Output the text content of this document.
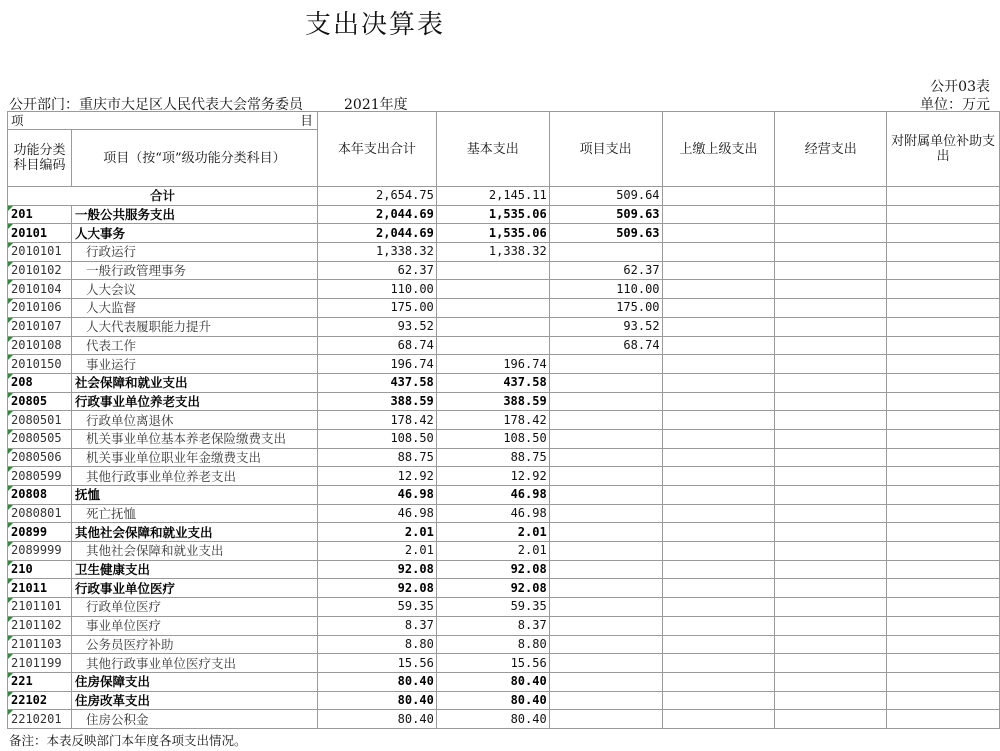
支出决算表
公开03表
公开部门：重庆市大足区人民代表大会常务委员	2021年度	单位：万元
项 目		本年支出合计	基本支出	项目支出	上缴上级支出	经营支出	对附属单位补助支出
功能分类科目编码	项目（按“项”级功能分类科目）						
合计		2,654.75	2,145.11	509.64			

201	一般公共服务支出	2,044.69	1,535.06	509.63			

20101	人大事务	2,044.69	1,535.06	509.63			

2010101	行政运行	1,338.32	1,338.32				

2010102	一般行政管理事务	62.37		62.37			

2010104	人大会议	110.00		110.00			

2010106	人大监督	175.00		175.00			

2010107	人大代表履职能力提升	93.52		93.52			

2010108	代表工作	68.74		68.74			

2010150	事业运行	196.74	196.74				

208	社会保障和就业支出	437.58	437.58				

20805	行政事业单位养老支出	388.59	388.59				

2080501	行政单位离退休	178.42	178.42				

2080505	机关事业单位基本养老保险缴费支出	108.50	108.50				

2080506	机关事业单位职业年金缴费支出	88.75	88.75				

2080599	其他行政事业单位养老支出	12.92	12.92				

20808	抚恤	46.98	46.98				

2080801	死亡抚恤	46.98	46.98				

20899	其他社会保障和就业支出	2.01	2.01				

2089999	其他社会保障和就业支出	2.01	2.01				

210	卫生健康支出	92.08	92.08				

21011	行政事业单位医疗	92.08	92.08				

2101101	行政单位医疗	59.35	59.35				

2101102	事业单位医疗	8.37	8.37				

2101103	公务员医疗补助	8.80	8.80				

2101199	其他行政事业单位医疗支出	15.56	15.56				

221	住房保障支出	80.40	80.40				

22102	住房改革支出	80.40	80.40				

2210201	住房公积金	80.40	80.40				
备注：本表反映部门本年度各项支出情况。
